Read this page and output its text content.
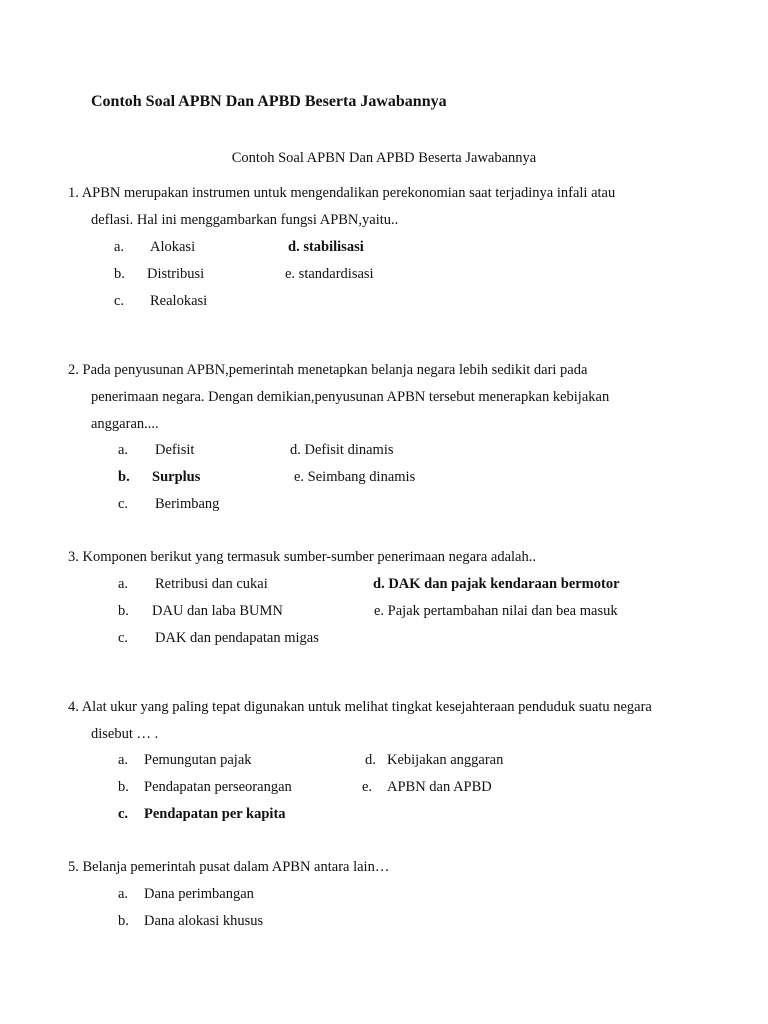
Contoh Soal APBN Dan APBD Beserta Jawabannya
Contoh Soal APBN Dan APBD Beserta Jawabannya
1. APBN merupakan instrumen untuk mengendalikan perekonomian saat terjadinya infali atau
deflasi. Hal ini menggambarkan fungsi APBN,yaitu..
a. Alokasi
b. Distribusi
c. Realokasi
d. stabilisasi
e. standardisasi
2. Pada penyusunan APBN,pemerintah menetapkan belanja negara lebih sedikit dari pada
penerimaan negara. Dengan demikian,penyusunan APBN tersebut menerapkan kebijakan
anggaran....
a. Defisit
b. Surplus
c. Berimbang
d. Defisit dinamis
e. Seimbang dinamis
3. Komponen berikut yang termasuk sumber-sumber penerimaan negara adalah..
a. Retribusi dan cukai
b. DAU dan laba BUMN
c. DAK dan pendapatan migas
d. DAK dan pajak kendaraan bermotor
e. Pajak pertambahan nilai dan bea masuk
4. Alat ukur yang paling tepat digunakan untuk melihat tingkat kesejahteraan penduduk suatu negara
disebut … .
a. Pemungutan pajak
b. Pendapatan perseorangan
c. Pendapatan per kapita
d. Kebijakan anggaran
e. APBN dan APBD
5. Belanja pemerintah pusat dalam APBN antara lain…
a. Dana perimbangan
b. Dana alokasi khusus
